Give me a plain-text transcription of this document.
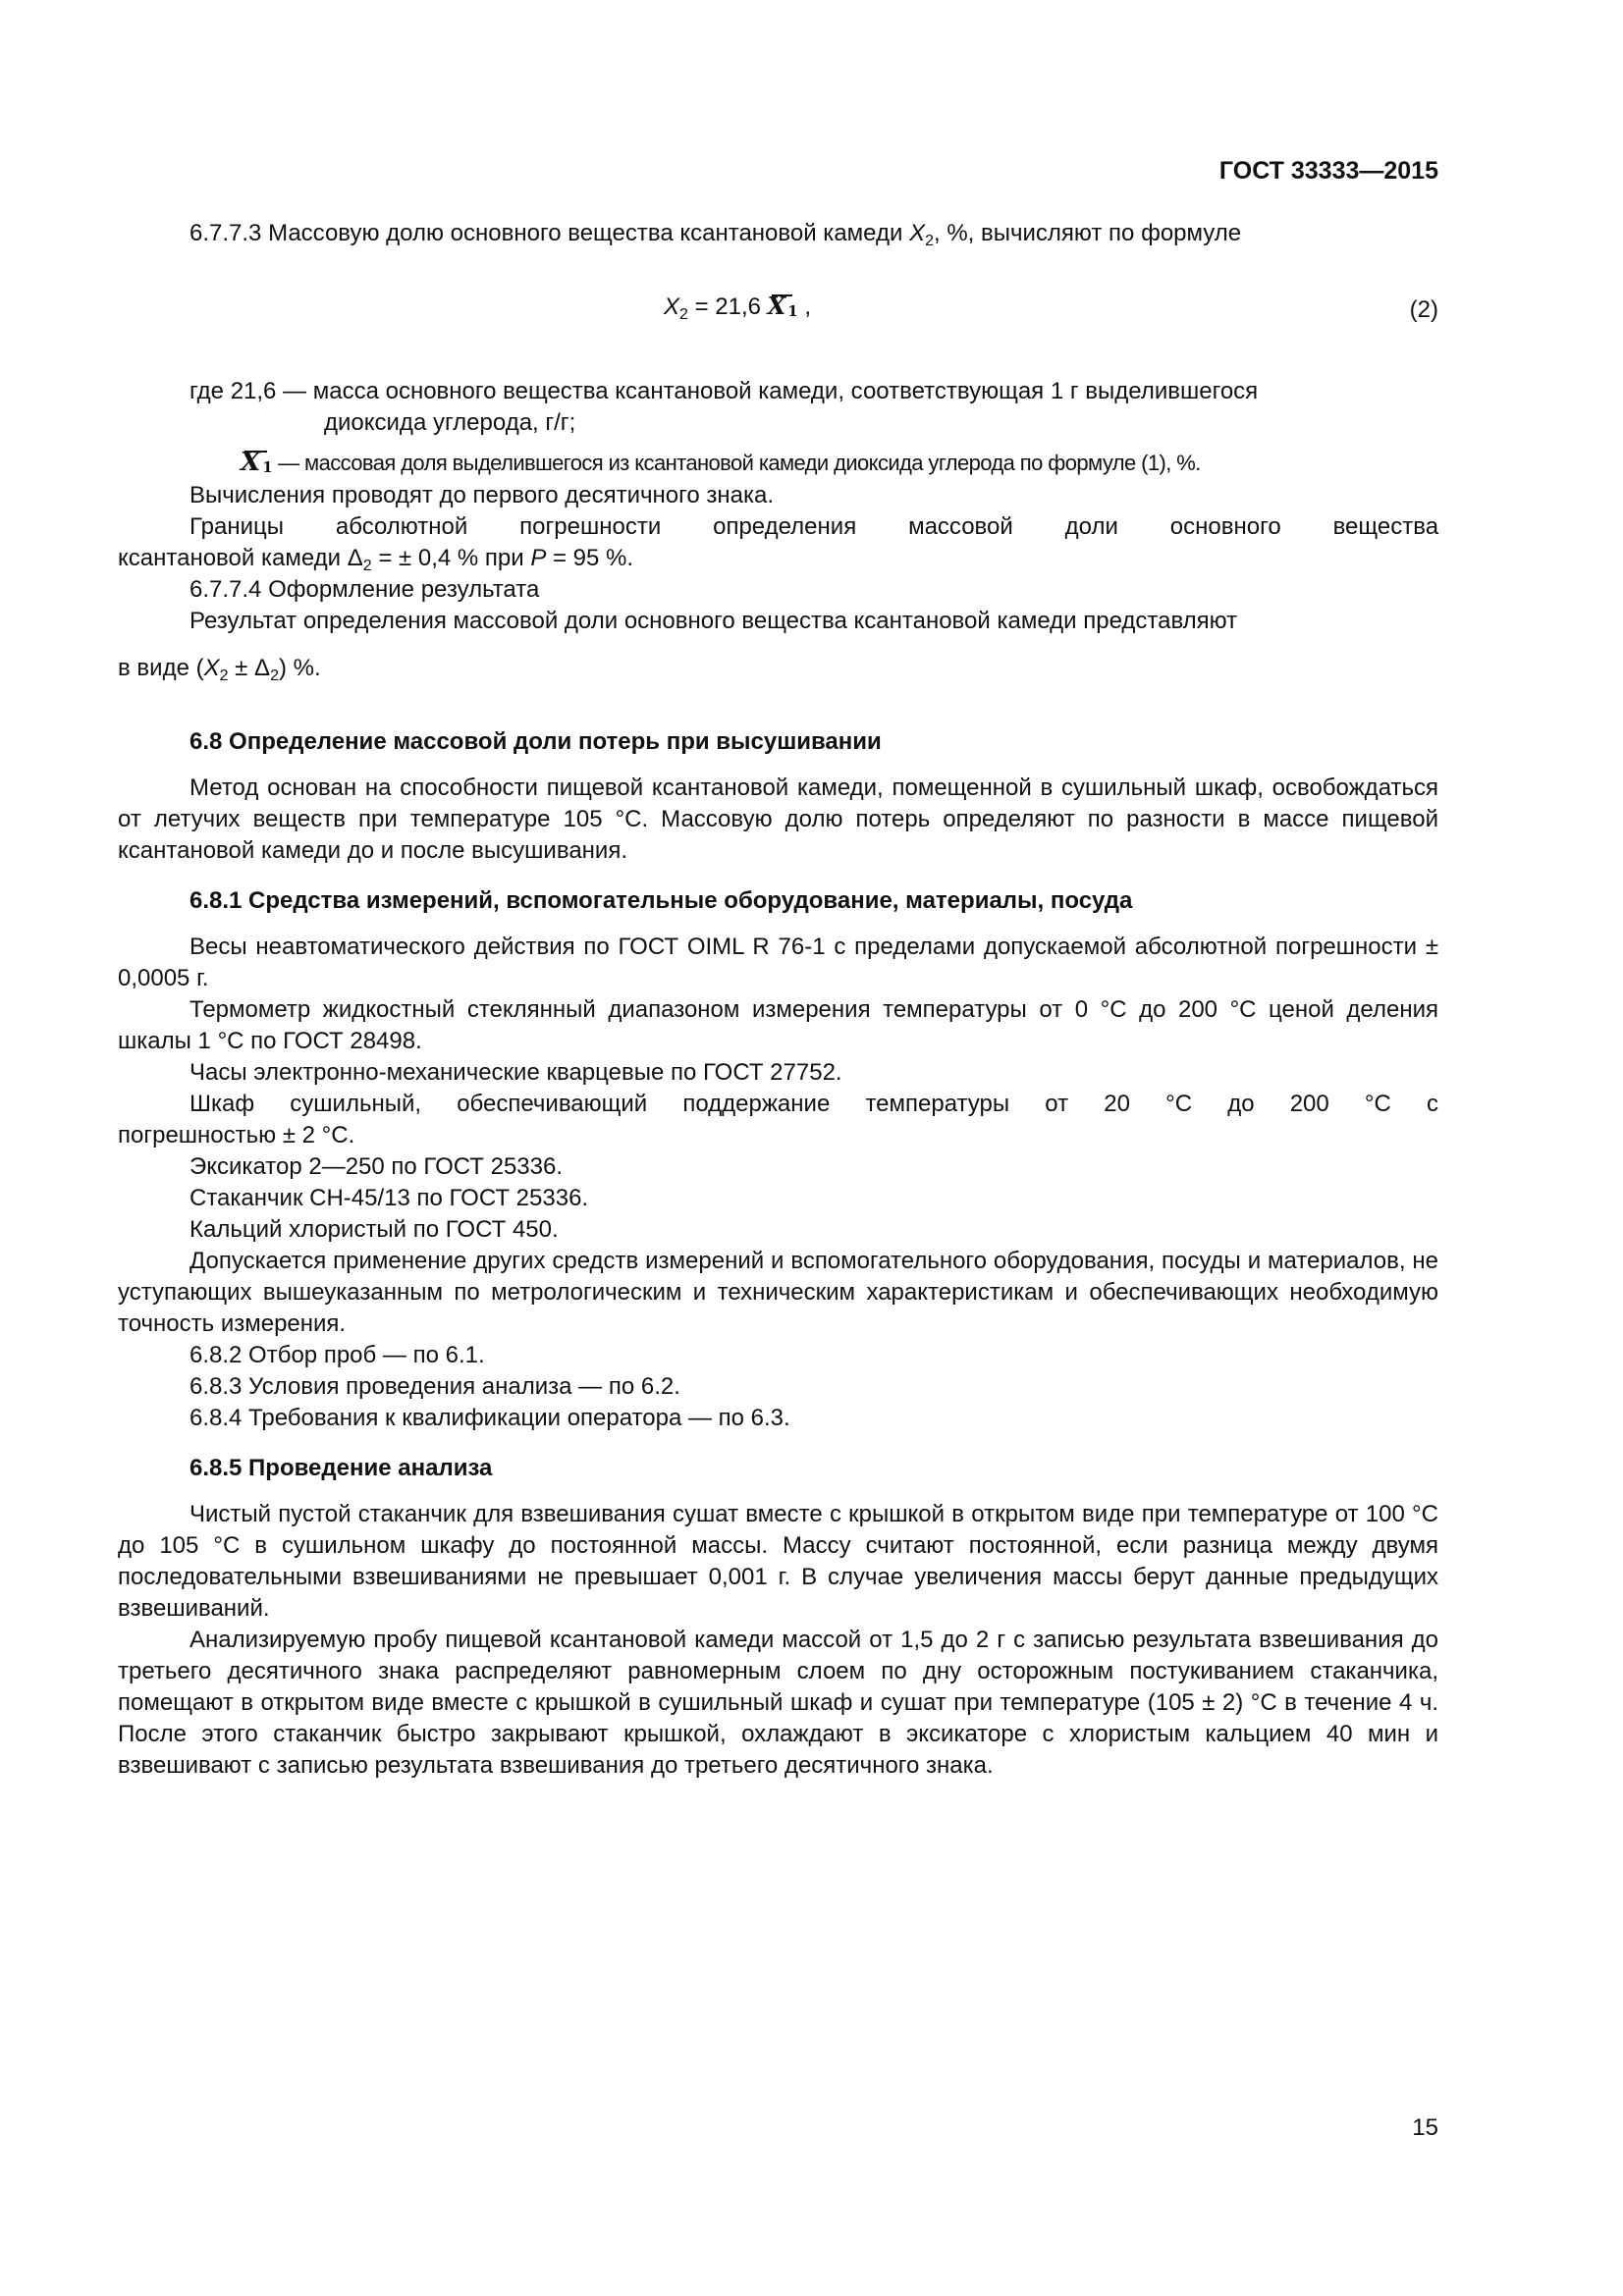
ГОСТ 33333—2015
6.7.7.3 Массовую долю основного вещества ксантановой камеди $X_2$, %, вычисляют по формуле
$X_2 = 21,6$ X 1 ,	(2)
где 21,6 — масса основного вещества ксантановой камеди, соответствующая 1 г выделившегося
диоксида углерода, г/г;
X 1 — массовая доля выделившегося из ксантановой камеди диоксида углерода по формуле (1), %.
Вычисления проводят до первого десятичного знака.
Границы абсолютной погрешности определения массовой доли основного вещества
ксантановой камеди $\Delta_2$ = ± 0,4 % при P = 95 %.
6.7.7.4 Оформление результата
Результат определения массовой доли основного вещества ксантановой камеди представляют
в виде $(X_2 \pm \Delta_2)$ %.
6.8 Определение массовой доли потерь при высушивании
Метод основан на способности пищевой ксантановой камеди, помещенной в сушильный шкаф, освобождаться от летучих веществ при температуре 105 °С. Массовую долю потерь определяют по разности в массе пищевой ксантановой камеди до и после высушивания.
6.8.1 Средства измерений, вспомогательные оборудование, материалы, посуда
Весы неавтоматического действия по ГОСТ OIML R 76-1 с пределами допускаемой абсолютной погрешности ± 0,0005 г.
Термометр жидкостный стеклянный диапазоном измерения температуры от 0 °С до 200 °С ценой деления шкалы 1 °С по ГОСТ 28498.
Часы электронно-механические кварцевые по ГОСТ 27752.
Шкаф сушильный, обеспечивающий поддержание температуры от 20 °С до 200 °С с
погрешностью ± 2 °С.
Эксикатор 2—250 по ГОСТ 25336.
Стаканчик СН-45/13 по ГОСТ 25336.
Кальций хлористый по ГОСТ 450.
Допускается применение других средств измерений и вспомогательного оборудования, посуды и материалов, не уступающих вышеуказанным по метрологическим и техническим характеристикам и обеспечивающих необходимую точность измерения.
6.8.2 Отбор проб — по 6.1.
6.8.3 Условия проведения анализа — по 6.2.
6.8.4 Требования к квалификации оператора — по 6.3.
6.8.5 Проведение анализа
Чистый пустой стаканчик для взвешивания сушат вместе с крышкой в открытом виде при температуре от 100 °С до 105 °С в сушильном шкафу до постоянной массы. Массу считают постоянной, если разница между двумя последовательными взвешиваниями не превышает 0,001 г. В случае увеличения массы берут данные предыдущих взвешиваний.
Анализируемую пробу пищевой ксантановой камеди массой от 1,5 до 2 г с записью результата взвешивания до третьего десятичного знака распределяют равномерным слоем по дну осторожным постукиванием стаканчика, помещают в открытом виде вместе с крышкой в сушильный шкаф и сушат при температуре (105 ± 2) °С в течение 4 ч. После этого стаканчик быстро закрывают крышкой, охлаждают в эксикаторе с хлористым кальцием 40 мин и взвешивают с записью результата взвешивания до третьего десятичного знака.
15
